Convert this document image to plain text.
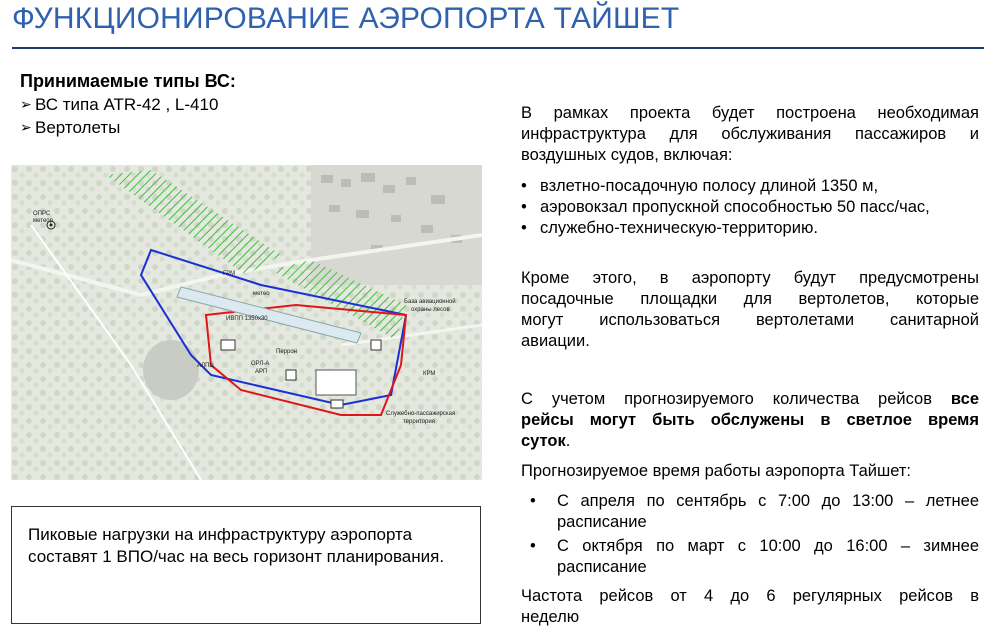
ФУНКЦИОНИРОВАНИЕ АЭРОПОРТА ТАЙШЕТ
Принимаемые типы ВС:
➢ ВС типа ATR-42 , L-410
➢ Вертолеты
ОПРС
метеор
ГРМ
метео
ИВПП 1350х30
База авиационной
охраны лесов
Перрон
АЛПЦ	ОРЛ-А
АРП	КРМ
Служебно-пассажирская
территория
Пиковые нагрузки на инфраструктуру аэропорта составят 1 ВПО/час на весь горизонт планирования.
В рамках проекта будет построена необходимая
инфраструктура для обслуживания пассажиров и
воздушных судов, включая:
• взлетно-посадочную полосу длиной 1350 м,
• аэровокзал пропускной способностью 50 пасс/час,
• служебно-техническую-территорию.
Кроме этого, в аэропорту будут предусмотрены
посадочные площадки для вертолетов, которые
могут использоваться вертолетами санитарной
авиации.
С учетом прогнозируемого количества рейсов все
рейсы могут быть обслужены в светлое время
суток.
Прогнозируемое время работы аэропорта Тайшет:
• С апреля по сентябрь с 7:00 до 13:00 – летнее
расписание
• С октября по март с 10:00 до 16:00 – зимнее
расписание
Частота рейсов от 4 до 6 регулярных рейсов в
неделю
